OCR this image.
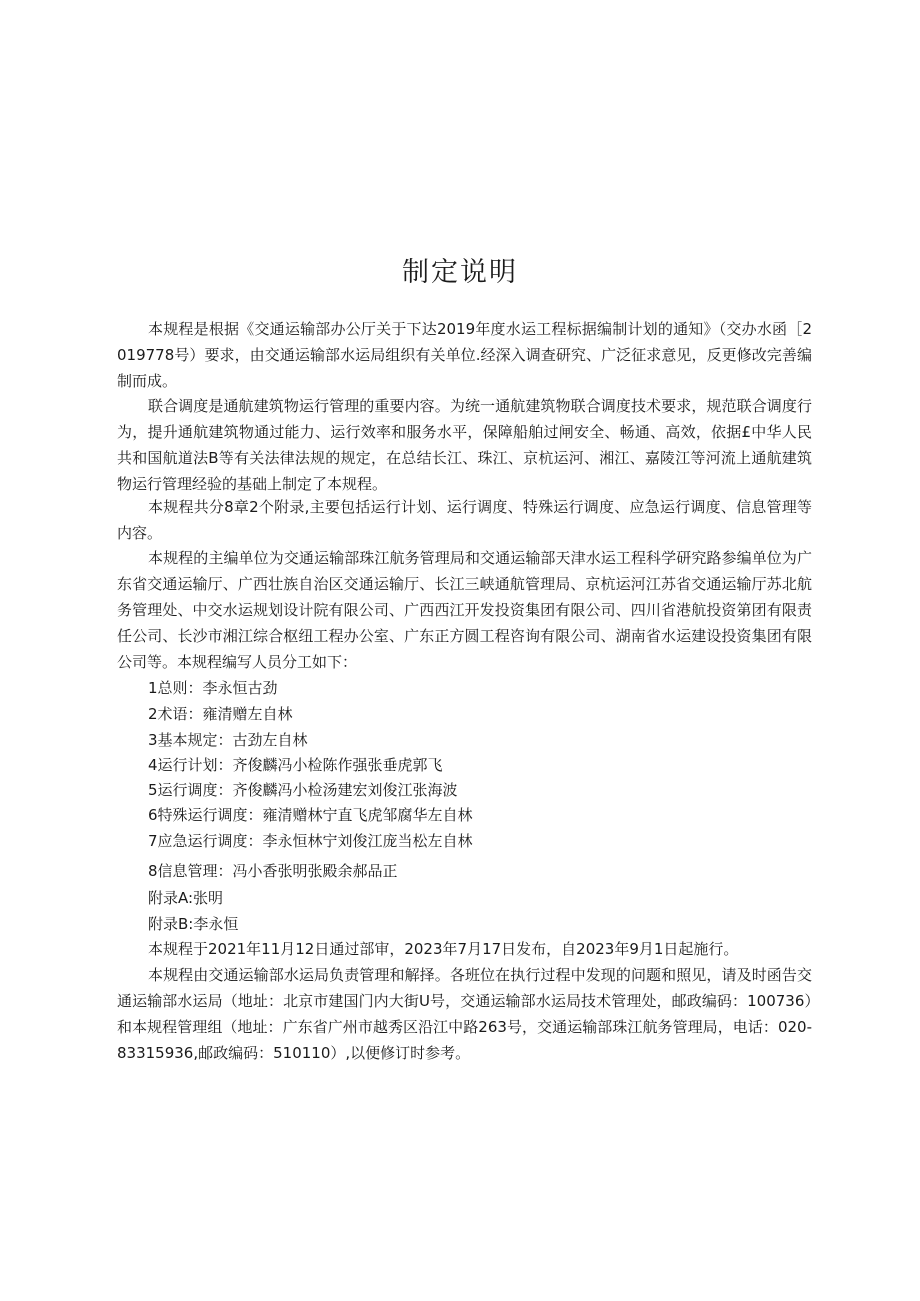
制定说明

本规程是根据《交通运输部办公厅关于下达2019年度水运工程标据编制计划的通知》（交办水函［2019778号）要求，由交通运输部水运局组织有关单位.经深入调查研究、广泛征求意见，反更修改完善编制而成。

联合调度是通航建筑物运行管理的重要内容。为统一通航建筑物联合调度技术要求，规范联合调度行为，提升通航建筑物通过能力、运行效率和服务水平，保障船舶过闸安全、畅通、高效，依据£中华人民共和国航道法B等有关法律法规的规定，在总结长江、珠江、京杭运河、湘江、嘉陵江等河流上通航建筑物运行管理经验的基础上制定了本规程。

本规程共分8章2个附录,主要包括运行计划、运行调度、特殊运行调度、应急运行调度、信息管理等内容。

本规程的主编单位为交通运输部珠江航务管理局和交通运输部天津水运工程科学研究路参编单位为广东省交通运输厅、广西壮族自治区交通运输厅、长江三峡通航管理局、京杭运河江苏省交通运输厅苏北航务管理处、中交水运规划设计院有限公司、广西西江开发投资集团有限公司、四川省港航投资第团有限责任公司、长沙市湘江综合枢纽工程办公室、广东正方圆工程咨询有限公司、湖南省水运建设投资集团有限公司等。本规程编写人员分工如下：

1总则：李永恒古劲
2术语：雍清赠左自林
3基本规定：古劲左自林
4运行计划：齐俊麟冯小检陈作强张垂虎郭飞
5运行调度：齐俊麟冯小检汤建宏刘俊江张海波
6特殊运行调度：雍清赠林宁直飞虎邹腐华左自林
7应急运行调度：李永恒林宁刘俊江庞当松左自林
8信息管理：冯小香张明张殿余郝品正
附录A:张明
附录B:李永恒

本规程于2021年11月12日通过部审，2023年7月17日发布，自2023年9月1日起施行。

本规程由交通运输部水运局负责管理和解择。各班位在执行过程中发现的问题和照见，请及时函告交通运输部水运局（地址：北京市建国门内大街U号，交通运输部水运局技术管理处，邮政编码：100736）和本规程管理组（地址：广东省广州市越秀区沿江中路263号，交通运输部珠江航务管理局，电话：020-83315936,邮政编码：510110）,以便修订时参考。
